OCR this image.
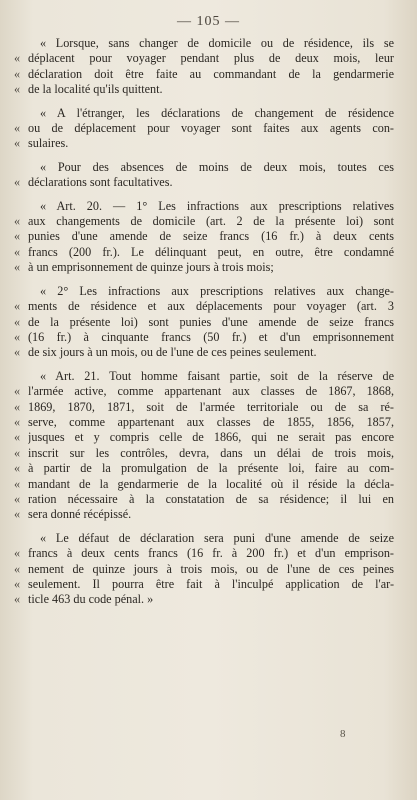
— 105 —
« Lorsque, sans changer de domicile ou de résidence, ils se
« déplacent pour voyager pendant plus de deux mois, leur
« déclaration doit être faite au commandant de la gendarmerie
« de la localité qu'ils quittent.
« A l'étranger, les déclarations de changement de résidence
« ou de déplacement pour voyager sont faites aux agents con-
« sulaires.
« Pour des absences de moins de deux mois, toutes ces
« déclarations sont facultatives.
« Art. 20. — 1° Les infractions aux prescriptions relatives
« aux changements de domicile (art. 2 de la présente loi) sont
« punies d'une amende de seize francs (16 fr.) à deux cents
« francs (200 fr.). Le délinquant peut, en outre, être condamné
« à un emprisonnement de quinze jours à trois mois;
« 2° Les infractions aux prescriptions relatives aux change-
« ments de résidence et aux déplacements pour voyager (art. 3
« de la présente loi) sont punies d'une amende de seize francs
« (16 fr.) à cinquante francs (50 fr.) et d'un emprisonnement
« de six jours à un mois, ou de l'une de ces peines seulement.
« Art. 21. Tout homme faisant partie, soit de la réserve de
« l'armée active, comme appartenant aux classes de 1867, 1868,
« 1869, 1870, 1871, soit de l'armée territoriale ou de sa ré-
« serve, comme appartenant aux classes de 1855, 1856, 1857,
« jusques et y compris celle de 1866, qui ne serait pas encore
« inscrit sur les contrôles, devra, dans un délai de trois mois,
« à partir de la promulgation de la présente loi, faire au com-
« mandant de la gendarmerie de la localité où il réside la décla-
« ration nécessaire à la constatation de sa résidence; il lui en
« sera donné récépissé.
« Le défaut de déclaration sera puni d'une amende de seize
« francs à deux cents francs (16 fr. à 200 fr.) et d'un emprison-
« nement de quinze jours à trois mois, ou de l'une de ces peines
« seulement. Il pourra être fait à l'inculpé application de l'ar-
« ticle 463 du code pénal. »
8
